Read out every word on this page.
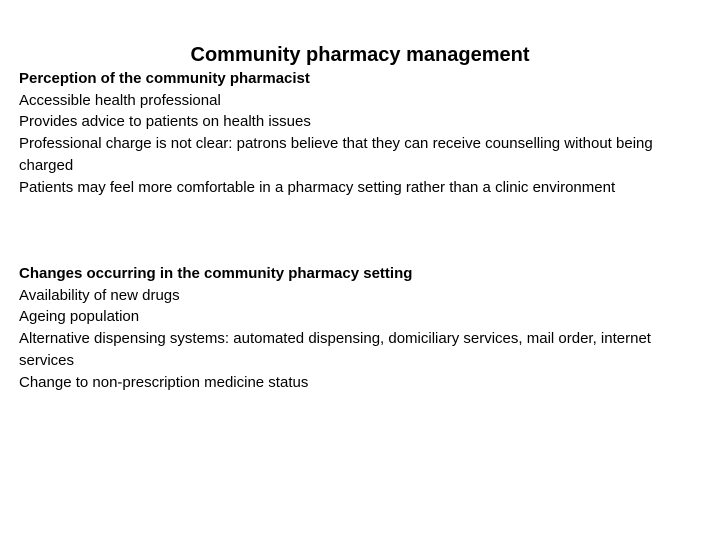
Community pharmacy management

Perception of the community pharmacist

Accessible health professional
Provides advice to patients on health issues
Professional charge is not clear: patrons believe that they can receive counselling without being charged
Patients may feel more comfortable in a pharmacy setting rather than a clinic environment

Changes occurring in the community pharmacy setting

Availability of new drugs
Ageing population
Alternative dispensing systems: automated dispensing, domiciliary services, mail order, internet services
Change to non-prescription medicine status
